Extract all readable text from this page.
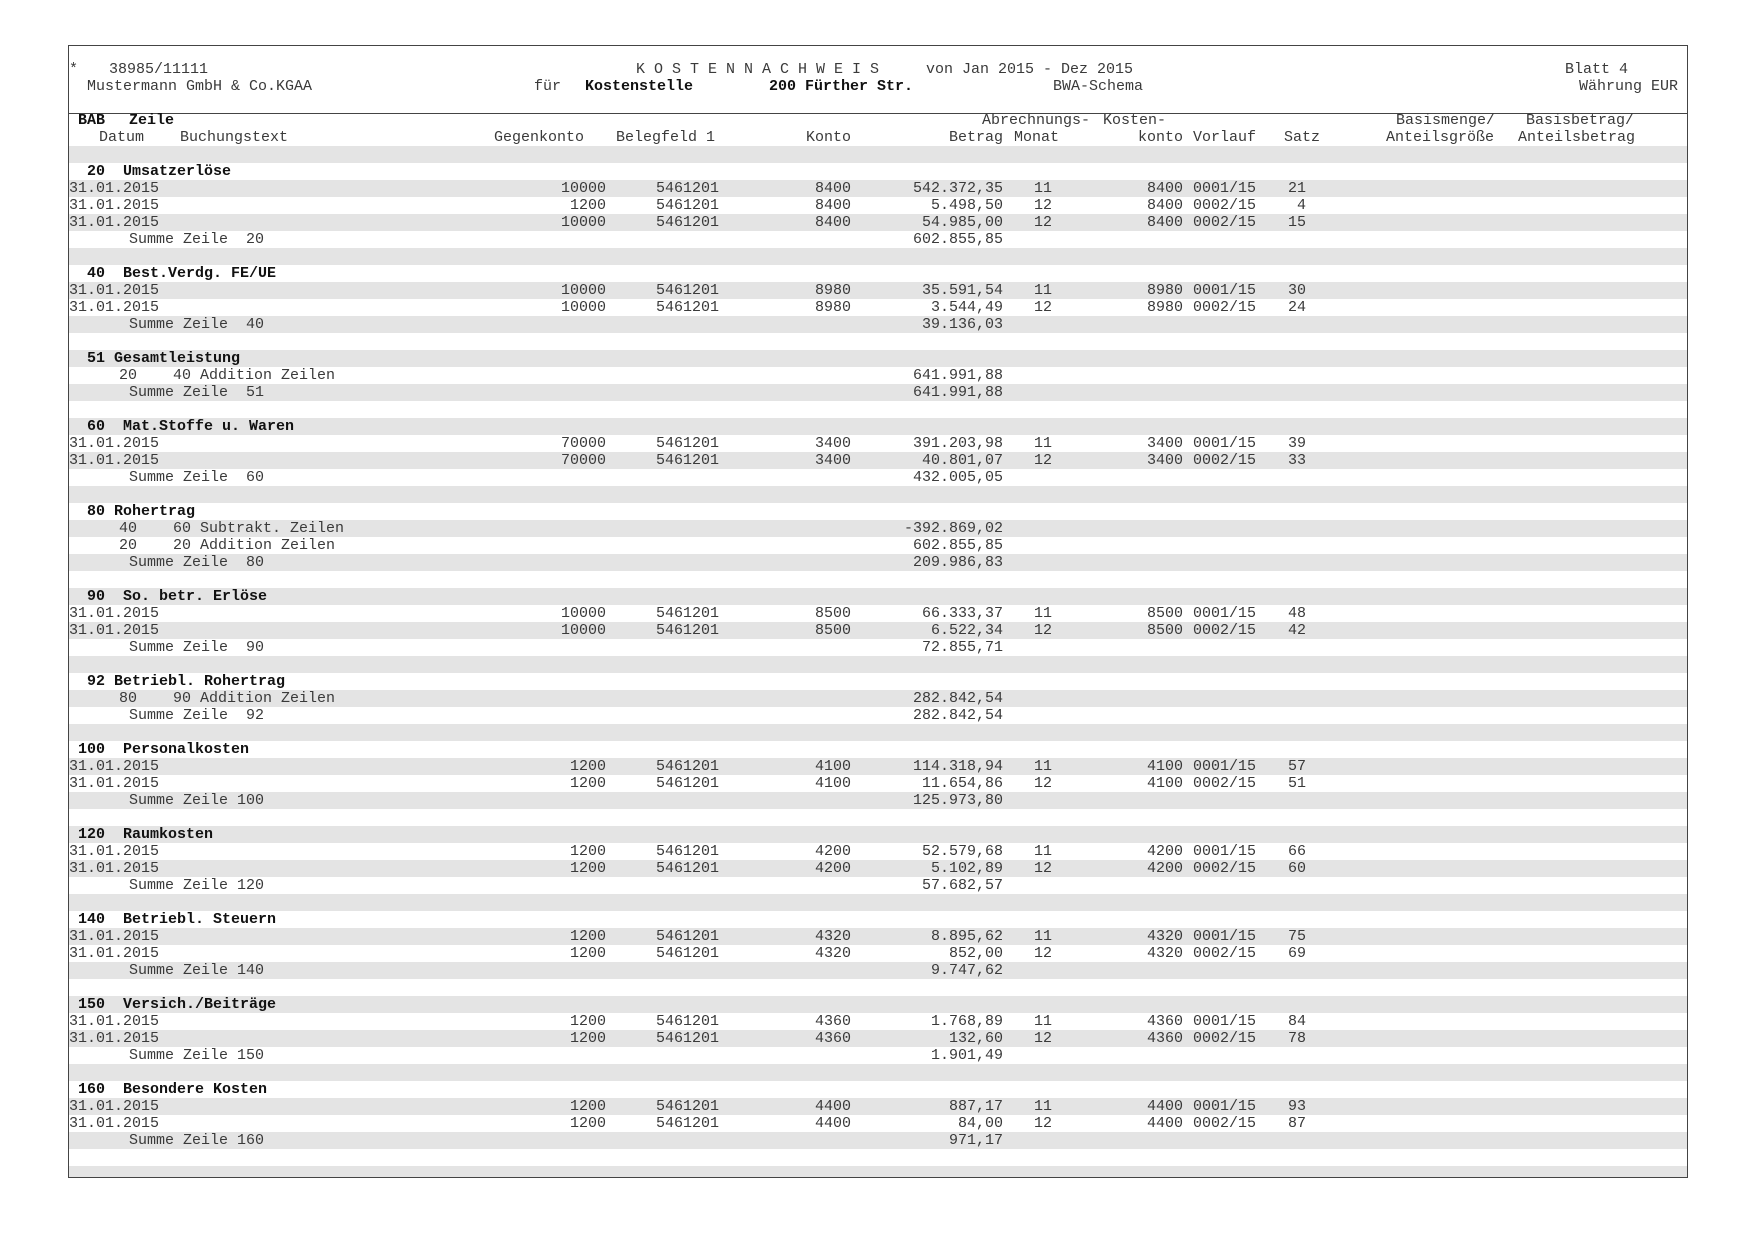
* 38985/11111
Mustermann GmbH & Co.KGAA
K O S T E N N A C H W E I S	von Jan 2015 - Dez 2015
für Kostenstelle	200 Fürther Str.	BWA-Schema
Blatt 4
Währung EUR
BAB Zeile
Datum Buchungstext	Gegenkonto Belegfeld 1	Konto
Abrechnungs-
Betrag Monat
Kosten-
konto Vorlauf Satz
Basismenge/
Anteilsgröße
Basisbetrag/
Anteilsbetrag
20  Umsatzerlöse
31.01.2015	10000	5461201	8400	542.372,35 11	8400 0001/15 21
31.01.2015	1200	5461201	8400	5.498,50 12	8400 0002/15	4
31.01.2015	10000	5461201	8400	54.985,00 12	8400 0002/15 15
Summe Zeile  20	602.855,85
40  Best.Verdg. FE/UE
31.01.2015	10000	5461201	8980	35.591,54 11	8980 0001/15 30
31.01.2015	10000	5461201	8980	3.544,49 12	8980 0002/15 24
Summe Zeile  40	39.136,03
51 Gesamtleistung
20    40 Addition Zeilen	641.991,88
Summe Zeile  51	641.991,88
60  Mat.Stoffe u. Waren
31.01.2015	70000	5461201	3400	391.203,98 11	3400 0001/15 39
31.01.2015	70000	5461201	3400	40.801,07 12	3400 0002/15 33
Summe Zeile  60	432.005,05
80 Rohertrag
40    60 Subtrakt. Zeilen	-392.869,02
20    20 Addition Zeilen	602.855,85
Summe Zeile  80	209.986,83
90  So. betr. Erlöse
31.01.2015	10000	5461201	8500	66.333,37 11	8500 0001/15 48
31.01.2015	10000	5461201	8500	6.522,34 12	8500 0002/15 42
Summe Zeile  90	72.855,71
92 Betriebl. Rohertrag
80    90 Addition Zeilen	282.842,54
Summe Zeile  92	282.842,54
100  Personalkosten
31.01.2015	1200	5461201	4100	114.318,94 11	4100 0001/15 57
31.01.2015	1200	5461201	4100	11.654,86 12	4100 0002/15 51
Summe Zeile 100	125.973,80
120  Raumkosten
31.01.2015	1200	5461201	4200	52.579,68 11	4200 0001/15 66
31.01.2015	1200	5461201	4200	5.102,89 12	4200 0002/15 60
Summe Zeile 120	57.682,57
140  Betriebl. Steuern
31.01.2015	1200	5461201	4320	8.895,62 11	4320 0001/15 75
31.01.2015	1200	5461201	4320	852,00 12	4320 0002/15 69
Summe Zeile 140	9.747,62
150  Versich./Beiträge
31.01.2015	1200	5461201	4360	1.768,89 11	4360 0001/15 84
31.01.2015	1200	5461201	4360	132,60 12	4360 0002/15 78
Summe Zeile 150	1.901,49
160  Besondere Kosten
31.01.2015	1200	5461201	4400	887,17 11	4400 0001/15 93
31.01.2015	1200	5461201	4400	84,00 12	4400 0002/15 87
Summe Zeile 160	971,17
